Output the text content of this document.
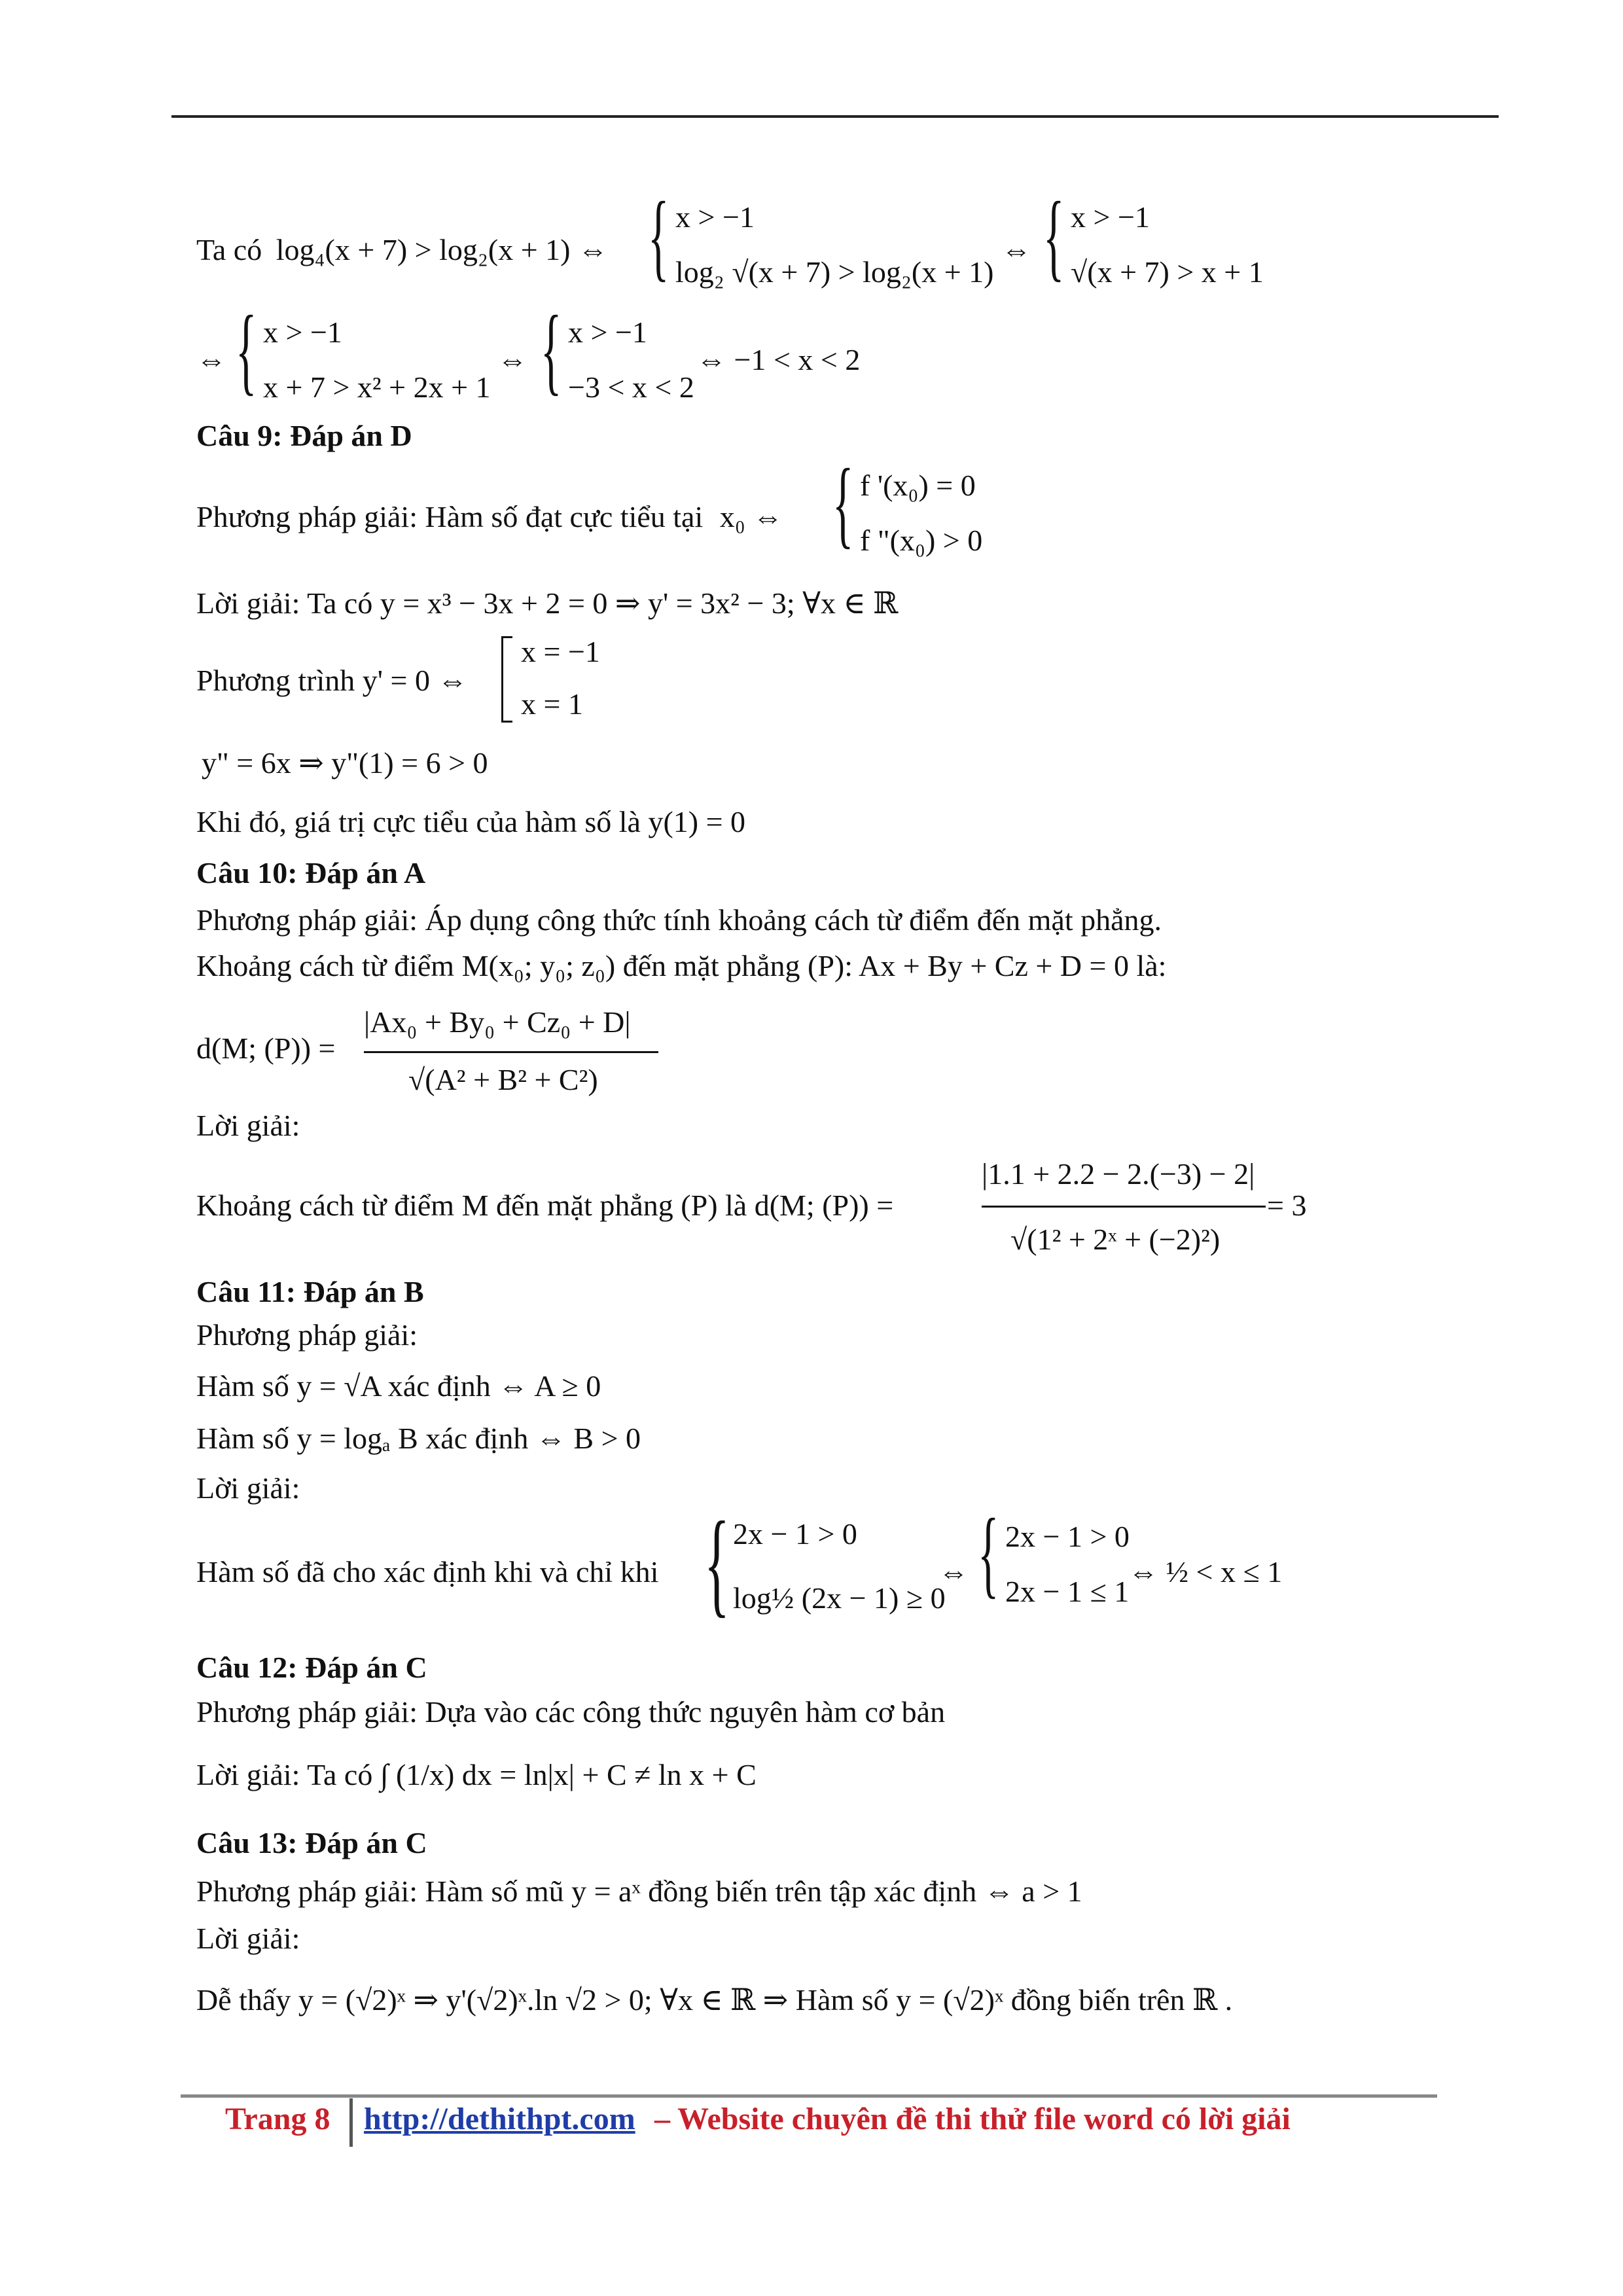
Ta có log₄(x + 7) > log₂(x + 1) ⇔ { x > −1
log₂ √(x + 7) > log₂(x + 1)
⇔ { x > −1
√(x + 7) > x + 1
⇔ { x > −1
x + 7 > x² + 2x + 1
⇔ { x > −1
−3 < x < 2
⇔ −1 < x < 2
Câu 9: Đáp án D
Phương pháp giải: Hàm số đạt cực tiểu tại x₀ ⇔ { f '(x₀) = 0
f "(x₀) > 0
Lời giải: Ta có y = x³ − 3x + 2 = 0 ⇒ y' = 3x² − 3; ∀x ∈ ℝ
Phương trình y' = 0 ⇔
x = −1
x = 1
y" = 6x ⇒ y"(1) = 6 > 0
Khi đó, giá trị cực tiểu của hàm số là y(1) = 0
Câu 10: Đáp án A
Phương pháp giải: Áp dụng công thức tính khoảng cách từ điểm đến mặt phẳng.
Khoảng cách từ điểm M(x₀; y₀; z₀) đến mặt phẳng (P): Ax + By + Cz + D = 0 là:
d(M; (P)) =
|Ax₀ + By₀ + Cz₀ + D|
√(A² + B² + C²)
Lời giải:
Khoảng cách từ điểm M đến mặt phẳng (P) là d(M; (P)) =
|1.1 + 2.2 − 2.(−3) − 2|
√(1² + 2ˣ + (−2)²)
= 3
Câu 11: Đáp án B
Phương pháp giải:
Hàm số y = √A xác định ⇔ A ≥ 0
Hàm số y = logₐ B xác định ⇔ B > 0
Lời giải:
Hàm số đã cho xác định khi và chỉ khi { 2x − 1 > 0
log½ (2x − 1) ≥ 0
⇔ { 2x − 1 > 0
2x − 1 ≤ 1
⇔ ½ < x ≤ 1
Câu 12: Đáp án C
Phương pháp giải: Dựa vào các công thức nguyên hàm cơ bản
Lời giải: Ta có ∫ (1/x) dx = ln|x| + C ≠ ln x + C
Câu 13: Đáp án C
Phương pháp giải: Hàm số mũ y = aˣ đồng biến trên tập xác định ⇔ a > 1
Lời giải:
Dễ thấy y = (√2)ˣ ⇒ y'(√2)ˣ.ln √2 > 0; ∀x ∈ ℝ ⇒ Hàm số y = (√2)ˣ đồng biến trên ℝ .
Trang 8 http://dethithpt.com – Website chuyên đề thi thử file word có lời giải
